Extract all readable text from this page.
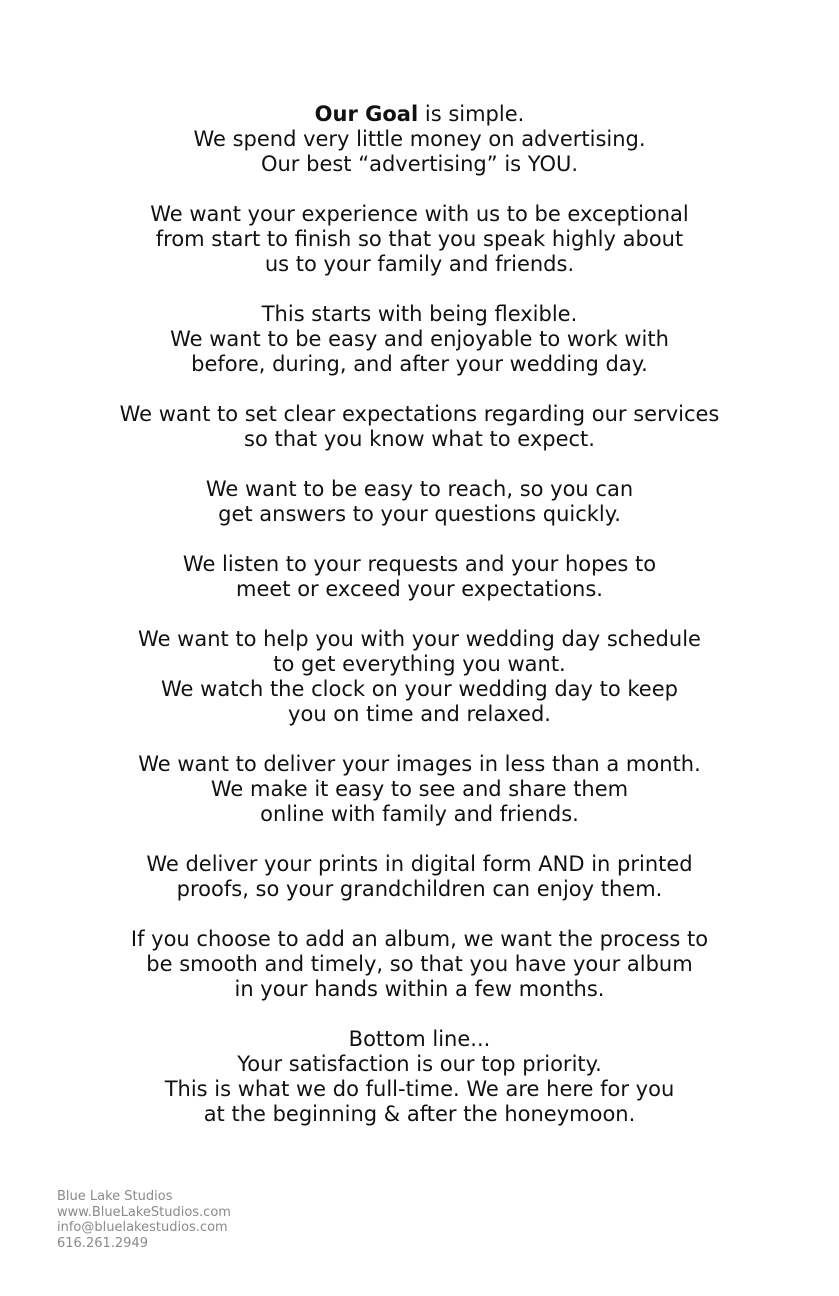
Our Goal is simple.
We spend very little money on advertising.
Our best “advertising” is YOU.
We want your experience with us to be exceptional
from start to finish so that you speak highly about
us to your family and friends.
This starts with being flexible.
We want to be easy and enjoyable to work with
before, during, and after your wedding day.
We want to set clear expectations regarding our services
so that you know what to expect.
We want to be easy to reach, so you can
get answers to your questions quickly.
We listen to your requests and your hopes to
meet or exceed your expectations.
We want to help you with your wedding day schedule
to get everything you want.
We watch the clock on your wedding day to keep
you on time and relaxed.
We want to deliver your images in less than a month.
We make it easy to see and share them
online with family and friends.
We deliver your prints in digital form AND in printed
proofs, so your grandchildren can enjoy them.
If you choose to add an album, we want the process to
be smooth and timely, so that you have your album
in your hands within a few months.
Bottom line...
Your satisfaction is our top priority.
This is what we do full-time. We are here for you
at the beginning & after the honeymoon.
Blue Lake Studios
www.BlueLakeStudios.com
info@bluelakestudios.com
616.261.2949
